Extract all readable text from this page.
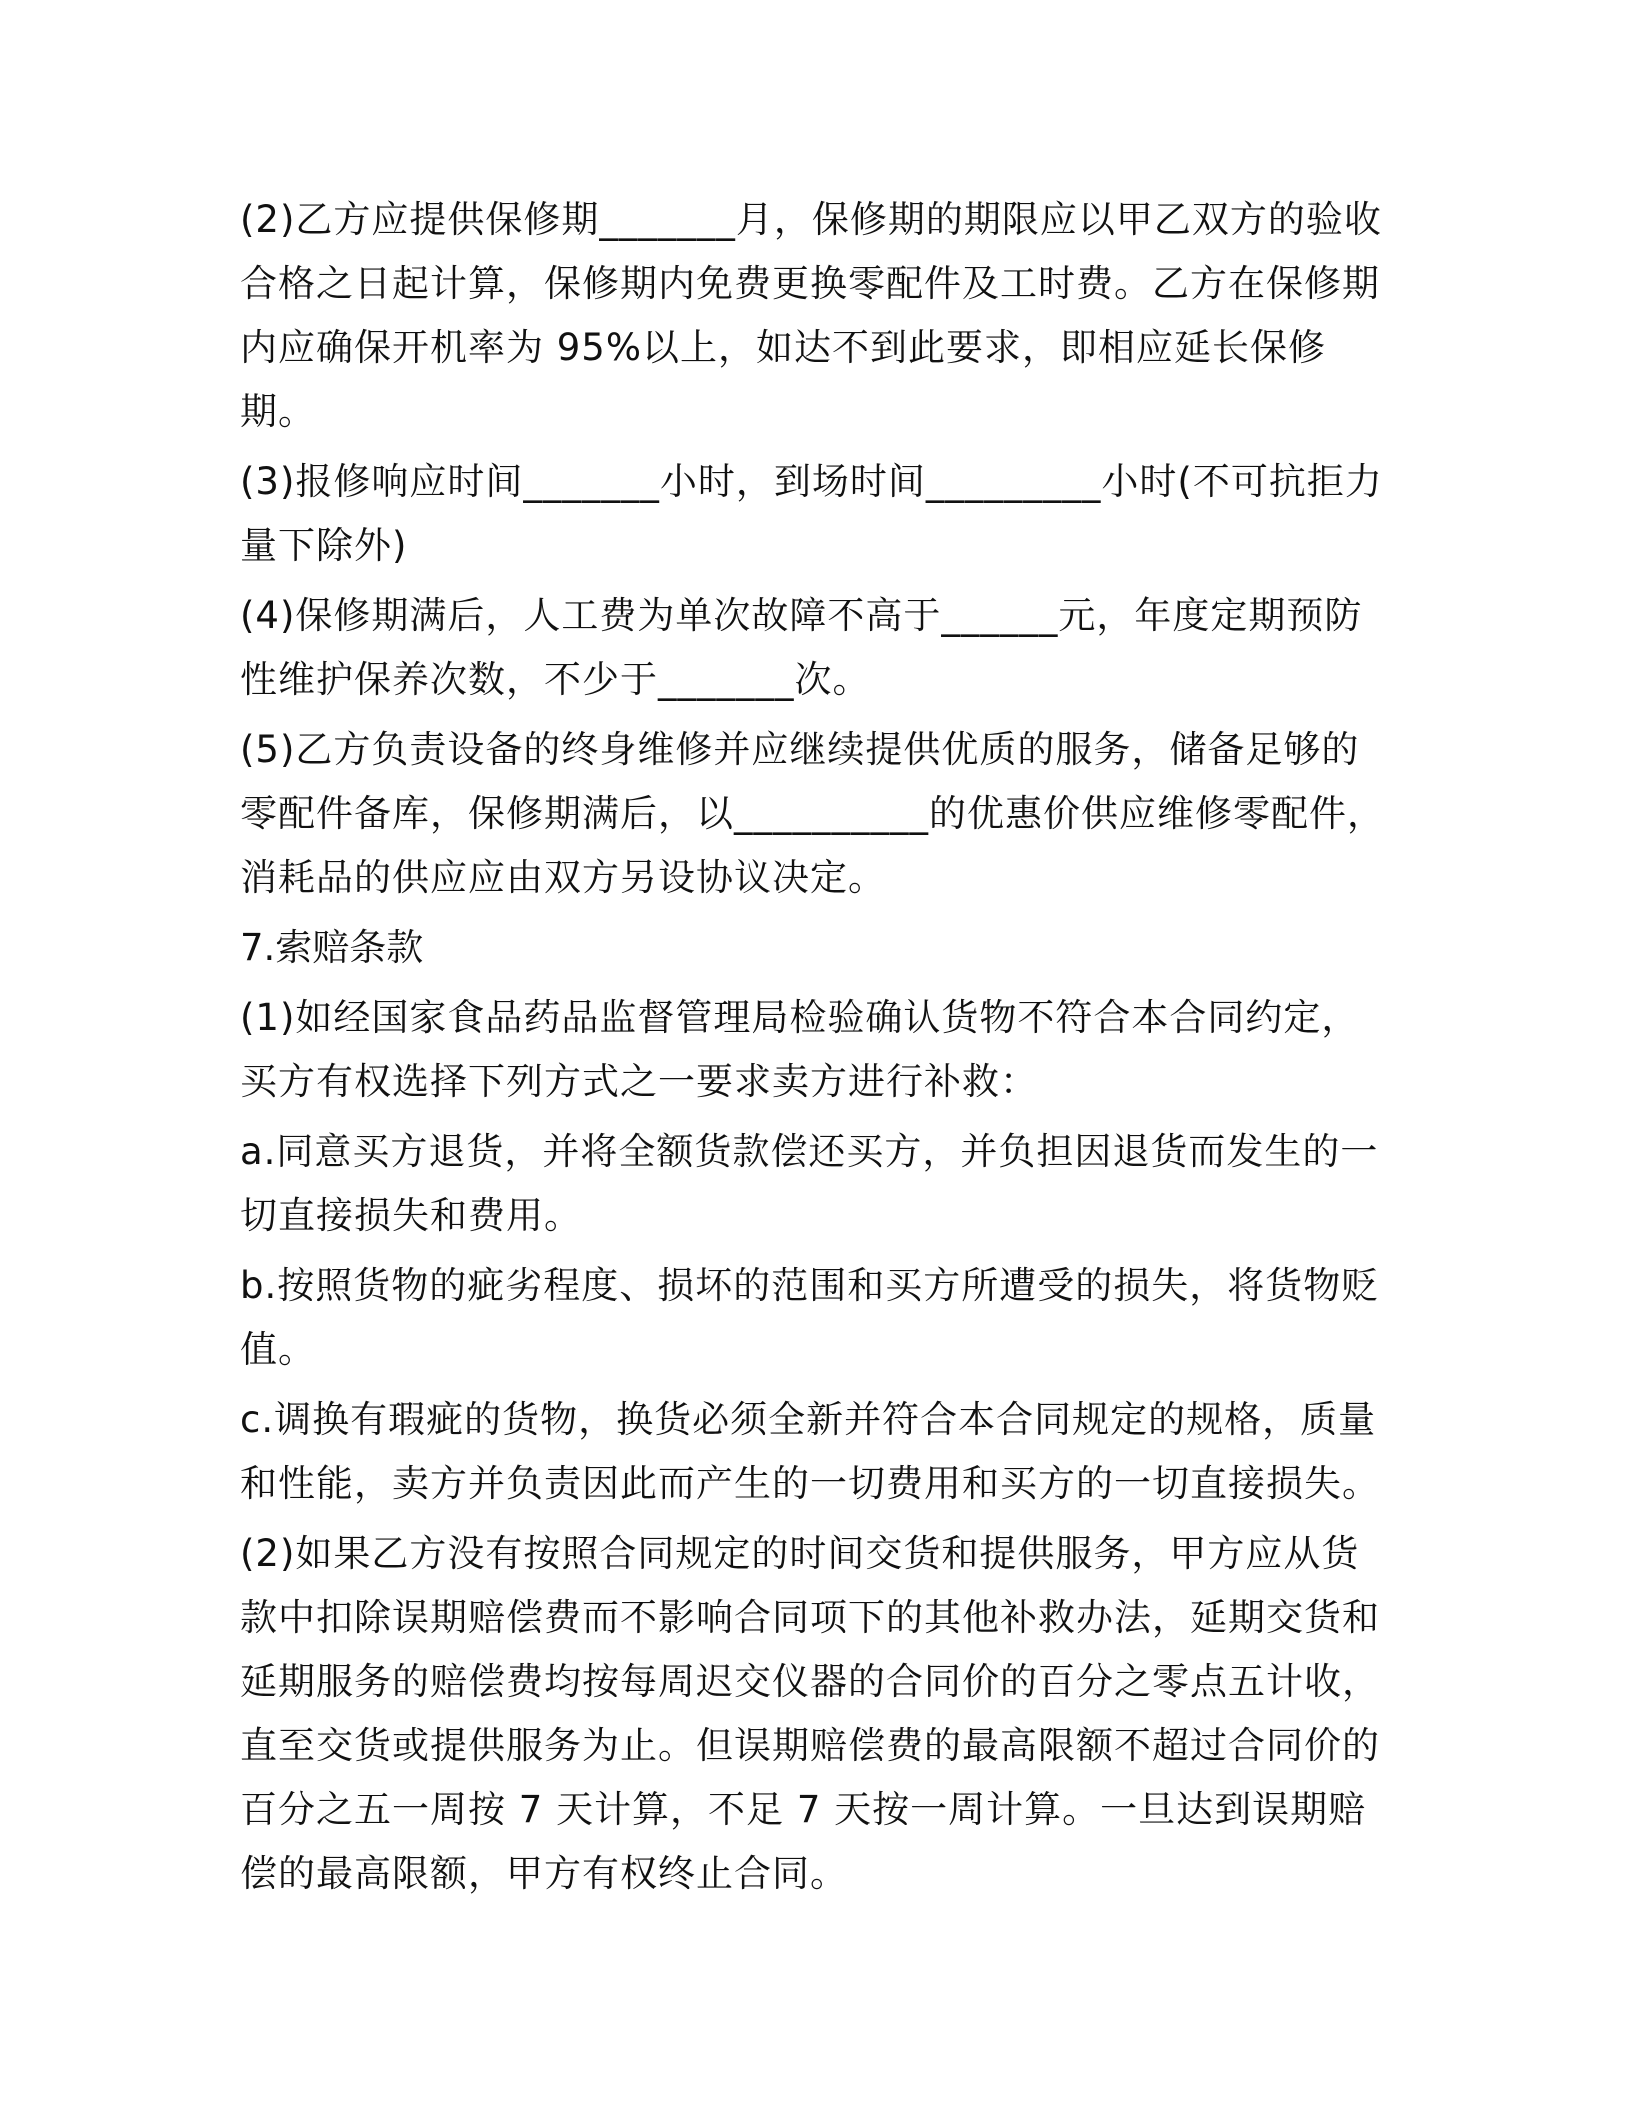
(2)乙方应提供保修期_______月，保修期的期限应以甲乙双方的验收合格之日起计算，保修期内免费更换零配件及工时费。乙方在保修期内应确保开机率为 95%以上，如达不到此要求，即相应延长保修期。

(3)报修响应时间_______小时，到场时间_________小时(不可抗拒力量下除外)

(4)保修期满后，人工费为单次故障不高于______元，年度定期预防性维护保养次数，不少于_______次。

(5)乙方负责设备的终身维修并应继续提供优质的服务，储备足够的零配件备库，保修期满后，以__________的优惠价供应维修零配件，消耗品的供应应由双方另设协议决定。

7.索赔条款

(1)如经国家食品药品监督管理局检验确认货物不符合本合同约定，买方有权选择下列方式之一要求卖方进行补救：

a.同意买方退货，并将全额货款偿还买方，并负担因退货而发生的一切直接损失和费用。

b.按照货物的疵劣程度、损坏的范围和买方所遭受的损失，将货物贬值。

c.调换有瑕疵的货物，换货必须全新并符合本合同规定的规格，质量和性能，卖方并负责因此而产生的一切费用和买方的一切直接损失。

(2)如果乙方没有按照合同规定的时间交货和提供服务，甲方应从货款中扣除误期赔偿费而不影响合同项下的其他补救办法，延期交货和延期服务的赔偿费均按每周迟交仪器的合同价的百分之零点五计收，直至交货或提供服务为止。但误期赔偿费的最高限额不超过合同价的百分之五一周按 7 天计算，不足 7 天按一周计算。一旦达到误期赔偿的最高限额，甲方有权终止合同。
